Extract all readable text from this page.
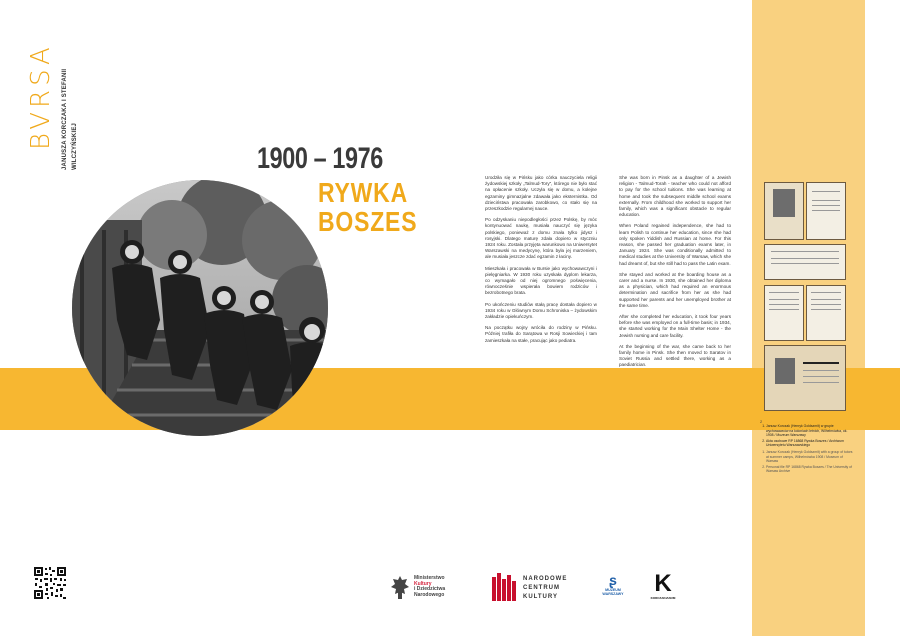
BVRSA	JANUSZA KORCZAKA I STEFANII WILCZYŃSKIEJ	1900 – 1976
RYWKA
BOSZES

Urodziła się w Pińsku jako córka nauczyciela religii żydowskiej szkoły „Talmud-Tory”, którego nie było stać na opłacenie szkoły. Uczyła się w domu, a kolejne egzaminy gimnazjalne zdawała jako eksternistka. Od dzieciństwa pracowała zarobkowo, co stało się na przeszkodzie regularnej nauce.

Po odzyskaniu niepodległości przez Polskę, by móc kontynuować naukę, musiała nauczyć się języka polskiego, ponieważ z domu znała tylko jidysz i rosyjski. Dlatego maturę zdała dopiero w styczniu 1924 roku. Została przyjęta warunkowo na Uniwersytet Warszawski na medycynę, która była jej marzeniem, ale musiała jeszcze zdać egzamin z łaciny.

Mieszkała i pracowała w Bursie jako wychowawczyni i pielęgniarka. W 1930 roku uzyskała dyplom lekarza, co wymagało od niej ogromnego poświęcenia, równocześnie wspierała bowiem rodziców i bezrobotnego brata.

Po ukończeniu studiów stałą pracę dostała dopiero w 1934 roku w Głównym Domu Schroniska – żydowskim zakładzie opiekuńczym.

Na początku wojny wróciła do rodziny w Pińsku. Później trafiła do Sarątowa w Rosji Sowieckiej i tam zamieszkała na stałe, pracując jako pediatra.

She was born in Pinsk as a daughter of a Jewish religion - Talmud-Torah - teacher who could not afford to pay for the school tuitions. She was learning at home and took the subsequent middle school exams externally. From childhood she worked to support her family, which was a significant obstacle to regular education.

When Poland regained independence, she had to learn Polish to continue her education, since she had only spoken Yiddish and Russian at home. For this reason, she passed her graduation exams later, in January 1924. She was conditionally admitted to medical studies at the University of Warsaw, which she had dreamt of, but she still had to pass the Latin exam.

She stayed and worked at the boarding house as a carer and a nurse. In 1930, she obtained her diploma as a physician, which had required an enormous determination and sacrifice from her as she had supported her parents and her unemployed brother at the same time.

After she completed her education, it took four years before she was employed on a full-time basis; in 1934, she started working for the Main Shelter Home - the Jewish nursing and care facility.

At the beginning of the war, she came back to her family home in Pinsk. She then moved to Saratov in Soviet Russia and settled there, working as a paediatrician.

2
1. Janusz Korczak (Henryk Goldszmit) w grupie wychowawców na koloniach letnich, Wilhelmówka, ok. 1908 / Muzeum Warszawy
2. Akta osobowe RP 16868 Rywka Boszes / Archiwum Uniwersytetu Warszawskiego
1. Janusz Korczak (Henryk Goldszmit) with a group of tutors at summer camps, Wilhelmówka 1908 / Museum of Warsaw
2. Personal file RP 16868 Rywka Boszes / The University of Warsaw Archive
Ministerstwo
Kultury
i Dziedzictwa
Narodowego
NARODOWE
CENTRUM
KULTURY
ʂ
MUZEUM
WARSZAWY K
KORCZAKIANUM
